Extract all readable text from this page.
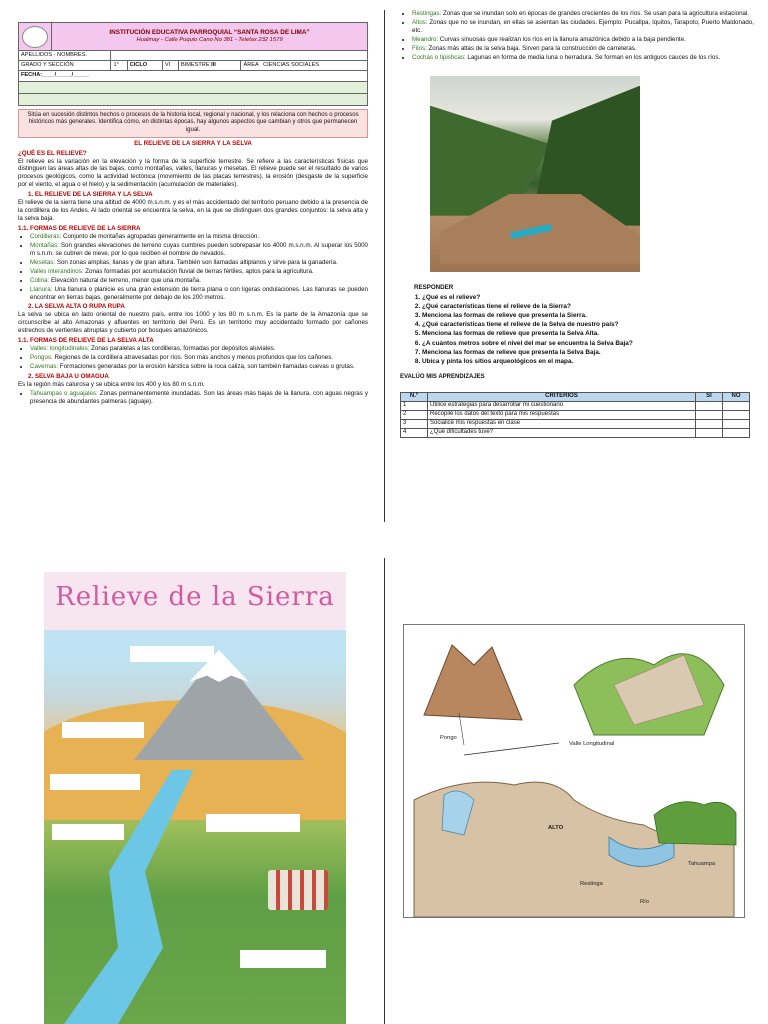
	INSTITUCIÓN EDUCATIVA PARROQUIAL “SANTA ROSA DE LIMA”
Hualmay - Calle Puquio Cano No 381 - Telefax 232 1579					

APELLIDOS - NOMBRES.						
GRADO Y SECCIÓN		1°	CICLO	VI	BIMESTRE III	ÁREA CIENCIAS SOCIALES
FECHA:____/_____/_____						

Sitúa en sucesión distintos hechos o procesos de la historia local, regional y nacional, y los relaciona con hechos o procesos históricos más generales. Identifica cómo, en distintas épocas, hay algunos aspectos que cambian y otros que permanecen igual.

EL RELIEVE DE LA SIERRA Y LA SELVA
¿QUÉ ES EL RELIEVE?

El relieve es la variación en la elevación y la forma de la superficie terrestre. Se refiere a las características físicas que distinguen las áreas altas de las bajas, como montañas, valles, llanuras y mesetas. El relieve puede ser el resultado de varios procesos geológicos, como la actividad tectónica (movimiento de las placas terrestres), la erosión (desgaste de la superficie por el viento, el agua o el hielo) y la sedimentación (acumulación de materiales).

1. EL RELIEVE DE LA SIERRA Y LA SELVA

El relieve de la sierra tiene una altitud de 4000 m.s.n.m. y es el más accidentado del territorio peruano debido a la presencia de la cordillera de los Andes. Al lado oriental se encuentra la selva, en la que se distinguen dos grandes conjuntos: la selva alta y la selva baja.

1.1. FORMAS DE RELIEVE DE LA SIERRA
• Cordilleras: Conjunto de montañas agrupadas generalmente en la misma dirección.
• Montañas: Son grandes elevaciones de terreno cuyas cumbres pueden sobrepasar los 4000 m.s.n.m. Al superar los 5000 m s.n.m. se cubren de nieve, por lo que reciben el nombre de nevados.
• Mesetas: Son zonas amplias, llanas y de gran altura. También son llamadas altiplanos y sirve para la ganadería.
• Valles interandinos: Zonas formadas por acumulación fluvial de tierras fértiles, aptos para la agricultura.
• Colina: Elevación natural de terreno, menor que una montaña.
• Llanura: Una llanura o planicie es una gran extensión de tierra plana o con ligeras ondulaciones. Las llanuras se pueden encontrar en tierras bajas, generalmente por debajo de los 200 metros.
2. LA SELVA ALTA O RUPA RUPA

La selva se ubica en lado oriental de nuestro país, entre los 1000 y los 80 m s.n.m. Es la parte de la Amazonía que se circunscribe al alto Amazonas y afluentes en territorio del Perú. Es un territorio muy accidentado formado por cañones estrechos de vertientes abruptas y cubierto por bosques amazónicos.

1.1. FORMAS DE RELIEVE DE LA SELVA ALTA
• Valles: longitudinales: Zonas paralelas a las cordilleras, formadas por depósitos aluviales.
• Pongos: Regiones de la cordillera atravesadas por ríos. Son más anchos y menos profundos que los cañones.
• Cavernas: Formaciones generadas por la erosión kárstica sobre la roca caliza, son también llamadas cuevas o grutas.
2. SELVA BAJA U OMAGUA

Es la región más calurosa y se ubica entre los 400 y los 80 m s.n.m.

• Tahuampas o aguajales: Zonas permanentemente inundadas. Son las áreas más bajas de la llanura, con aguas negras y presencia de abundantes palmeras (aguaje).
• Restingas: Zonas que se inundan solo en épocas de grandes crecientes de los ríos. Se usan para la agricultura estacional.
• Altos: Zonas que no se inundan, en ellas se asientan las ciudades. Ejemplo: Pucallpa, Iquitos, Tarapoto, Puerto Maldonado, etc.
• Meandro: Curvas sinuosas que realizan los ríos en la llanura amazónica debido a la baja pendiente.
• Filos: Zonas más altas de la selva baja. Sirven para la construcción de carreteras.
• Cochas o tipishcas: Lagunas en forma de media luna o herradura. Se forman en los antiguos cauces de los ríos.
RESPONDER
1. ¿Qué es el relieve?
2. ¿Qué características tiene el relieve de la Sierra?
3. Menciona las formas de relieve que presenta la Sierra.
4. ¿Qué características tiene el relieve de la Selva de nuestro país?
5. Menciona las formas de relieve que presenta la Selva Alta.
6. ¿A cuántos metros sobre el nivel del mar se encuentra la Selva Baja?
7. Menciona las formas de relieve que presenta la Selva Baja.
8. Ubica y pinta los sitios arqueológicos en el mapa.
EVALÚO MIS APRENDIZAJES
N.º	CRITERIOS	SI	NO
1	Utilice estrategias para desarrollar mi cuestionario		
2	Recopilé los datos del texto para mis respuestas		
3	Socialicé mis respuestas en clase		
4	¿Qué dificultades tuve?		
Relieve de la Sierra
Pongo
Valle Longitudinal
ALTO
Restinga
Río
Tahuampa
